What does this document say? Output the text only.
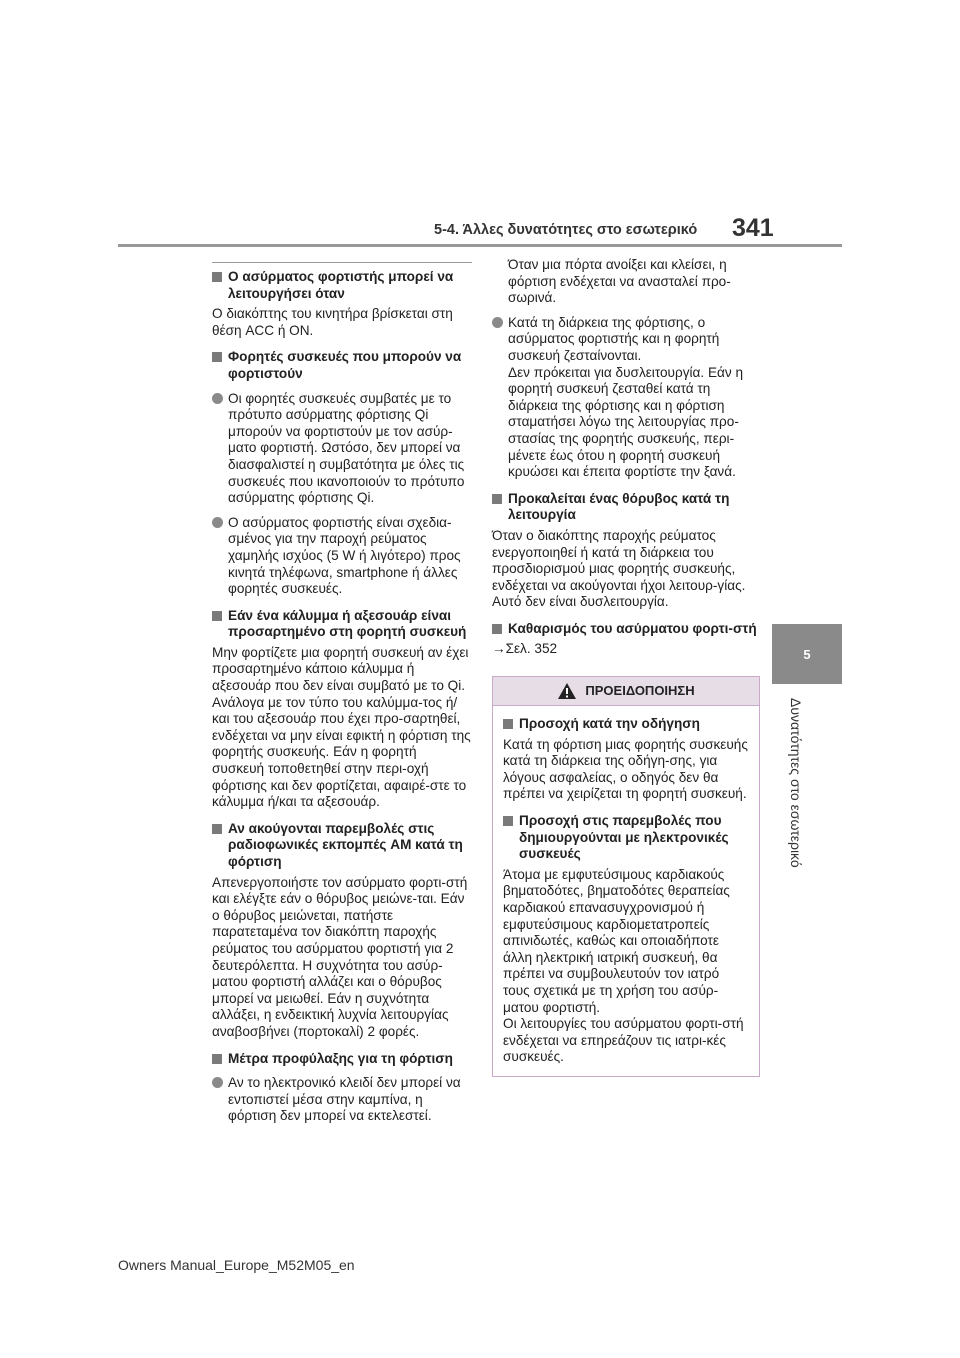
5-4. Άλλες δυνατότητες στο εσωτερικό 341
5
Δυνατότητες στο εσωτερικό
Ο ασύρματος φορτιστής μπορεί να λειτουργήσει όταν

Ο διακόπτης του κινητήρα βρίσκεται στη θέση ACC ή ON.

Φορητές συσκευές που μπορούν να φορτιστούν

Οι φορητές συσκευές συμβατές με το πρότυπο ασύρματης φόρτισης Qi μπορούν να φορτιστούν με τον ασύρ-ματο φορτιστή. Ωστόσο, δεν μπορεί να διασφαλιστεί η συμβατότητα με όλες τις συσκευές που ικανοποιούν το πρότυπο ασύρματης φόρτισης Qi.

Ο ασύρματος φορτιστής είναι σχεδια-σμένος για την παροχή ρεύματος χαμηλής ισχύος (5 W ή λιγότερο) προς κινητά τηλέφωνα, smartphone ή άλλες φορητές συσκευές.

Εάν ένα κάλυμμα ή αξεσουάρ είναι προσαρτημένο στη φορητή συσκευή

Μην φορτίζετε μια φορητή συσκευή αν έχει προσαρτημένο κάποιο κάλυμμα ή αξεσουάρ που δεν είναι συμβατό με το Qi. Ανάλογα με τον τύπο του καλύμμα-τος ή/και του αξεσουάρ που έχει προ-σαρτηθεί, ενδέχεται να μην είναι εφικτή η φόρτιση της φορητής συσκευής. Εάν η φορητή συσκευή τοποθετηθεί στην περι-οχή φόρτισης και δεν φορτίζεται, αφαιρέ-στε το κάλυμμα ή/και τα αξεσουάρ.

Αν ακούγονται παρεμβολές στις ραδιοφωνικές εκπομπές AM κατά τη φόρτιση

Απενεργοποιήστε τον ασύρματο φορτι-στή και ελέγξτε εάν ο θόρυβος μειώνε-ται. Εάν ο θόρυβος μειώνεται, πατήστε παρατεταμένα τον διακόπτη παροχής ρεύματος του ασύρματου φορτιστή για 2 δευτερόλεπτα. Η συχνότητα του ασύρ-ματου φορτιστή αλλάζει και ο θόρυβος μπορεί να μειωθεί. Εάν η συχνότητα αλλάξει, η ενδεικτική λυχνία λειτουργίας αναβοσβήνει (πορτοκαλί) 2 φορές.

Μέτρα προφύλαξης για τη φόρτιση

Αν το ηλεκτρονικό κλειδί δεν μπορεί να εντοπιστεί μέσα στην καμπίνα, η φόρτιση δεν μπορεί να εκτελεστεί.

Όταν μια πόρτα ανοίξει και κλείσει, η φόρτιση ενδέχεται να ανασταλεί προ-σωρινά.

Κατά τη διάρκεια της φόρτισης, ο ασύρματος φορτιστής και η φορητή συσκευή ζεσταίνονται.

Δεν πρόκειται για δυσλειτουργία. Εάν η φορητή συσκευή ζεσταθεί κατά τη διάρκεια της φόρτισης και η φόρτιση σταματήσει λόγω της λειτουργίας προ-στασίας της φορητής συσκευής, περι-μένετε έως ότου η φορητή συσκευή κρυώσει και έπειτα φορτίστε την ξανά.

Προκαλείται ένας θόρυβος κατά τη λειτουργία

Όταν ο διακόπτης παροχής ρεύματος ενεργοποιηθεί ή κατά τη διάρκεια του προσδιορισμού μιας φορητής συσκευής, ενδέχεται να ακούγονται ήχοι λειτουρ-γίας. Αυτό δεν είναι δυσλειτουργία.

Καθαρισμός του ασύρματου φορτι-στή

→Σελ. 352

ΠΡΟΕΙΔΟΠΟΙΗΣΗ
Προσοχή κατά την οδήγηση

Κατά τη φόρτιση μιας φορητής συσκευής κατά τη διάρκεια της οδήγη-σης, για λόγους ασφαλείας, ο οδηγός δεν θα πρέπει να χειρίζεται τη φορητή συσκευή.

Προσοχή στις παρεμβολές που δημιουργούνται με ηλεκτρονικές συσκευές

Άτομα με εμφυτεύσιμους καρδιακούς βηματοδότες, βηματοδότες θεραπείας καρδιακού επανασυγχρονισμού ή εμφυτεύσιμους καρδιομετατροπείς απινιδωτές, καθώς και οποιαδήποτε άλλη ηλεκτρική ιατρική συσκευή, θα πρέπει να συμβουλευτούν τον ιατρό τους σχετικά με τη χρήση του ασύρ-ματου φορτιστή.

Οι λειτουργίες του ασύρματου φορτι-στή ενδέχεται να επηρεάζουν τις ιατρι-κές συσκευές.

Owners Manual_Europe_M52M05_en
